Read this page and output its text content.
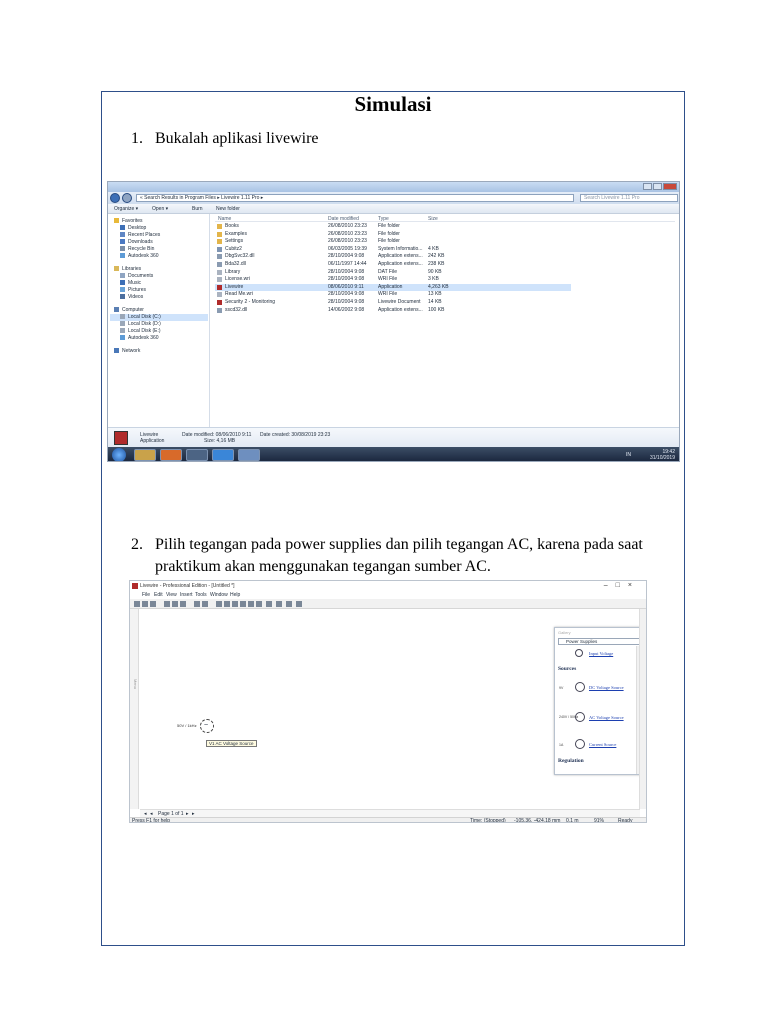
Simulasi
1. Bukalah aplikasi livewire
« Search Results in Program Files ▸ Livewire 1.11 Pro ▸	Search Livewire 1.11 Pro
Organize ▾	Open ▾	Burn	New folder
Favorites
Desktop
Recent Places
Downloads
Recycle Bin
Autodesk 360
Libraries
Documents
Music
Pictures
Videos
Computer
Local Disk (C:)
Local Disk (D:)
Local Disk (E:)
Autodesk 360
Network
Name	Date modified	Type	Size
Books	26/08/2010 23:23 File folder
Examples	26/08/2010 23:23 File folder
Settings	26/08/2010 23:23 File folder
Cubitz2	06/03/2005 19:39 System Informatio... 4 KB
DbgSvc32.dll	28/10/2004 9:08	Application extens... 242 KB
Bda32.dll	06/11/1997 14:44 Application extens... 238 KB
Library	28/10/2004 9:08	DAT File	90 KB
License.wri	28/10/2004 9:08	WRI File	3 KB
Livewire	08/06/2010 9:11	Application	4,263 KB
Read Me.wri	28/10/2004 9:08	WRI File	13 KB
Security 2 - Monitoring	28/10/2004 9:08	Livewire Document 14 KB
sscd32.dll	14/06/2002 9:08	Application extens... 100 KB
Livewire
Application
Date modified: 08/06/2010 9:11
Size: 4,16 MB
Date created: 30/08/2019 23:23
IN	19:42
31/10/2019
2. Pilih tegangan pada power supplies dan pilih tegangan AC, karena pada saat praktikum akan menggunakan tegangan sumber AC.
Livewire - Professional Edition - [Untitled *]	–□×
File Edit View Insert Tools Window Help
Menu
~
50V / 1kHz
V1 AC Voltage Source
Gallery
Power Supplies
Input Voltage
Sources
9V	DC Voltage Source
240V / 50Hz AC Voltage Source
1A	Current Source
Regulation
◂ ◂ Page 1 of 1 ▸ ▸
Press F1 for help	Time: (Stopped) -105.36, -424.18 mm 0.1 m	91%	Ready
